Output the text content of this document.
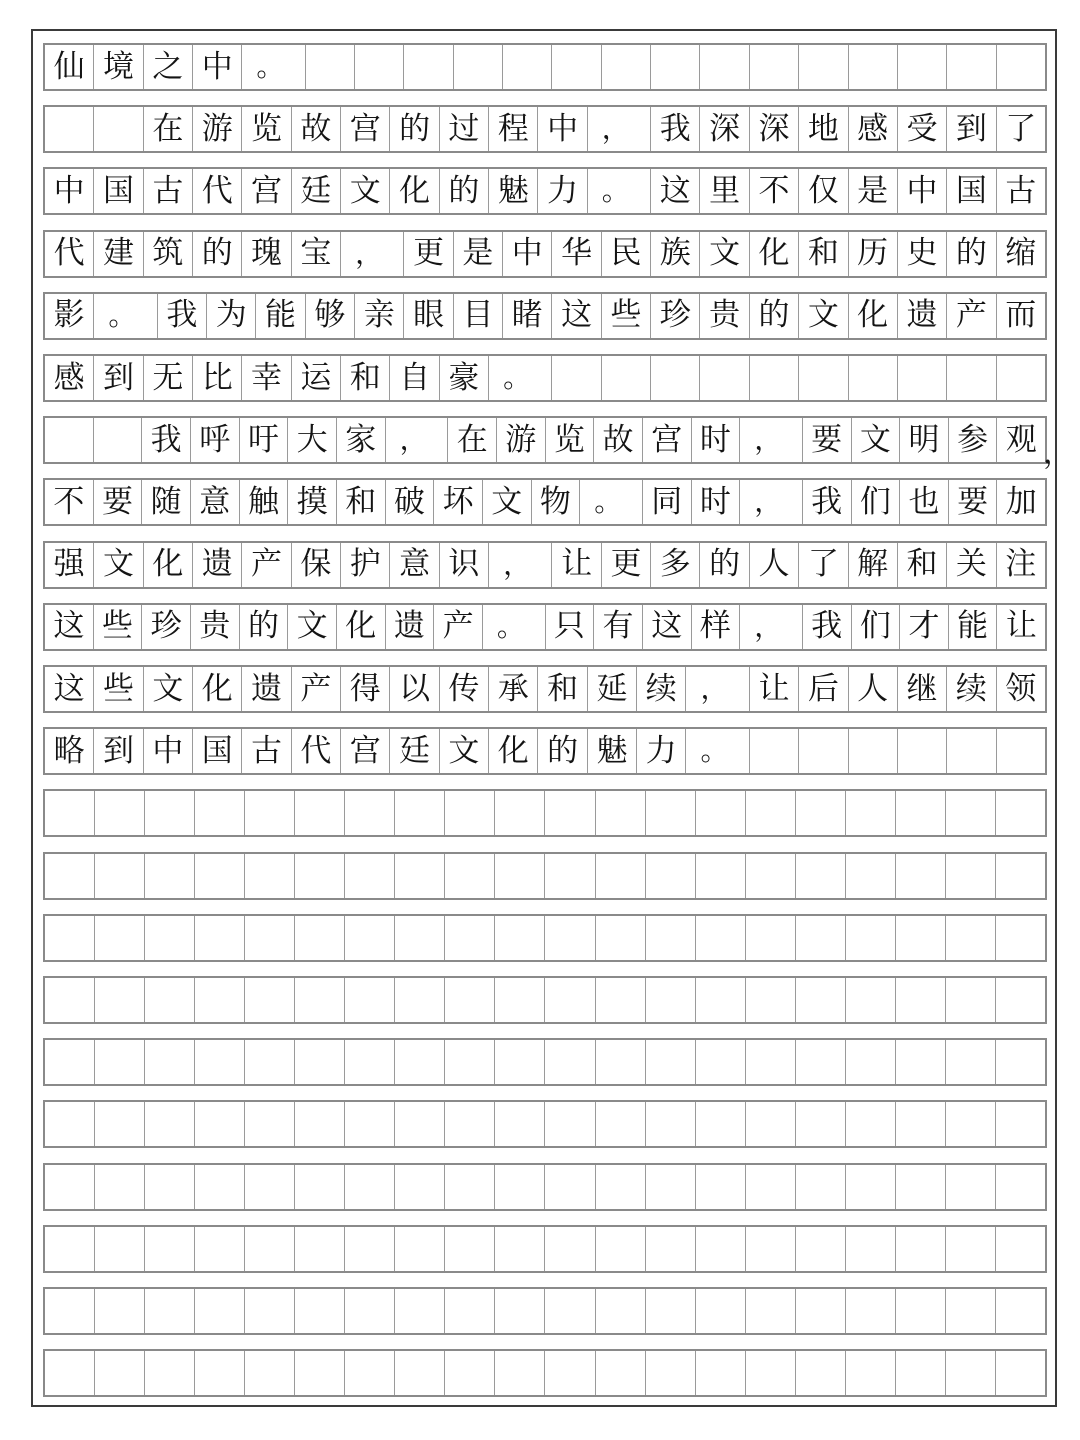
仙 境 之 中 。
在 游 览 故 宫 的 过 程 中 ， 我 深 深 地 感 受 到 了
中 国 古 代 宫 廷 文 化 的 魅 力 。 这 里 不 仅 是 中 国 古
代 建 筑 的 瑰 宝 ， 更 是 中 华 民 族 文 化 和 历 史 的 缩
影 。 我 为 能 够 亲 眼 目 睹 这 些 珍 贵 的 文 化 遗 产 而
感 到 无 比 幸 运 和 自 豪 。
我 呼 吁 大 家 ， 在 游 览 故 宫 时 ， 要 文 明 参 观
不 要 随 意 触 摸 和 破 坏 文 物 。 同 时 ， 我 们 也 要 加
强 文 化 遗 产 保 护 意 识 ， 让 更 多 的 人 了 解 和 关 注
这 些 珍 贵 的 文 化 遗 产 。 只 有 这 样 ， 我 们 才 能 让
这 些 文 化 遗 产 得 以 传 承 和 延 续 ， 让 后 人 继 续 领
略 到 中 国 古 代 宫 廷 文 化 的 魅 力 。
，
